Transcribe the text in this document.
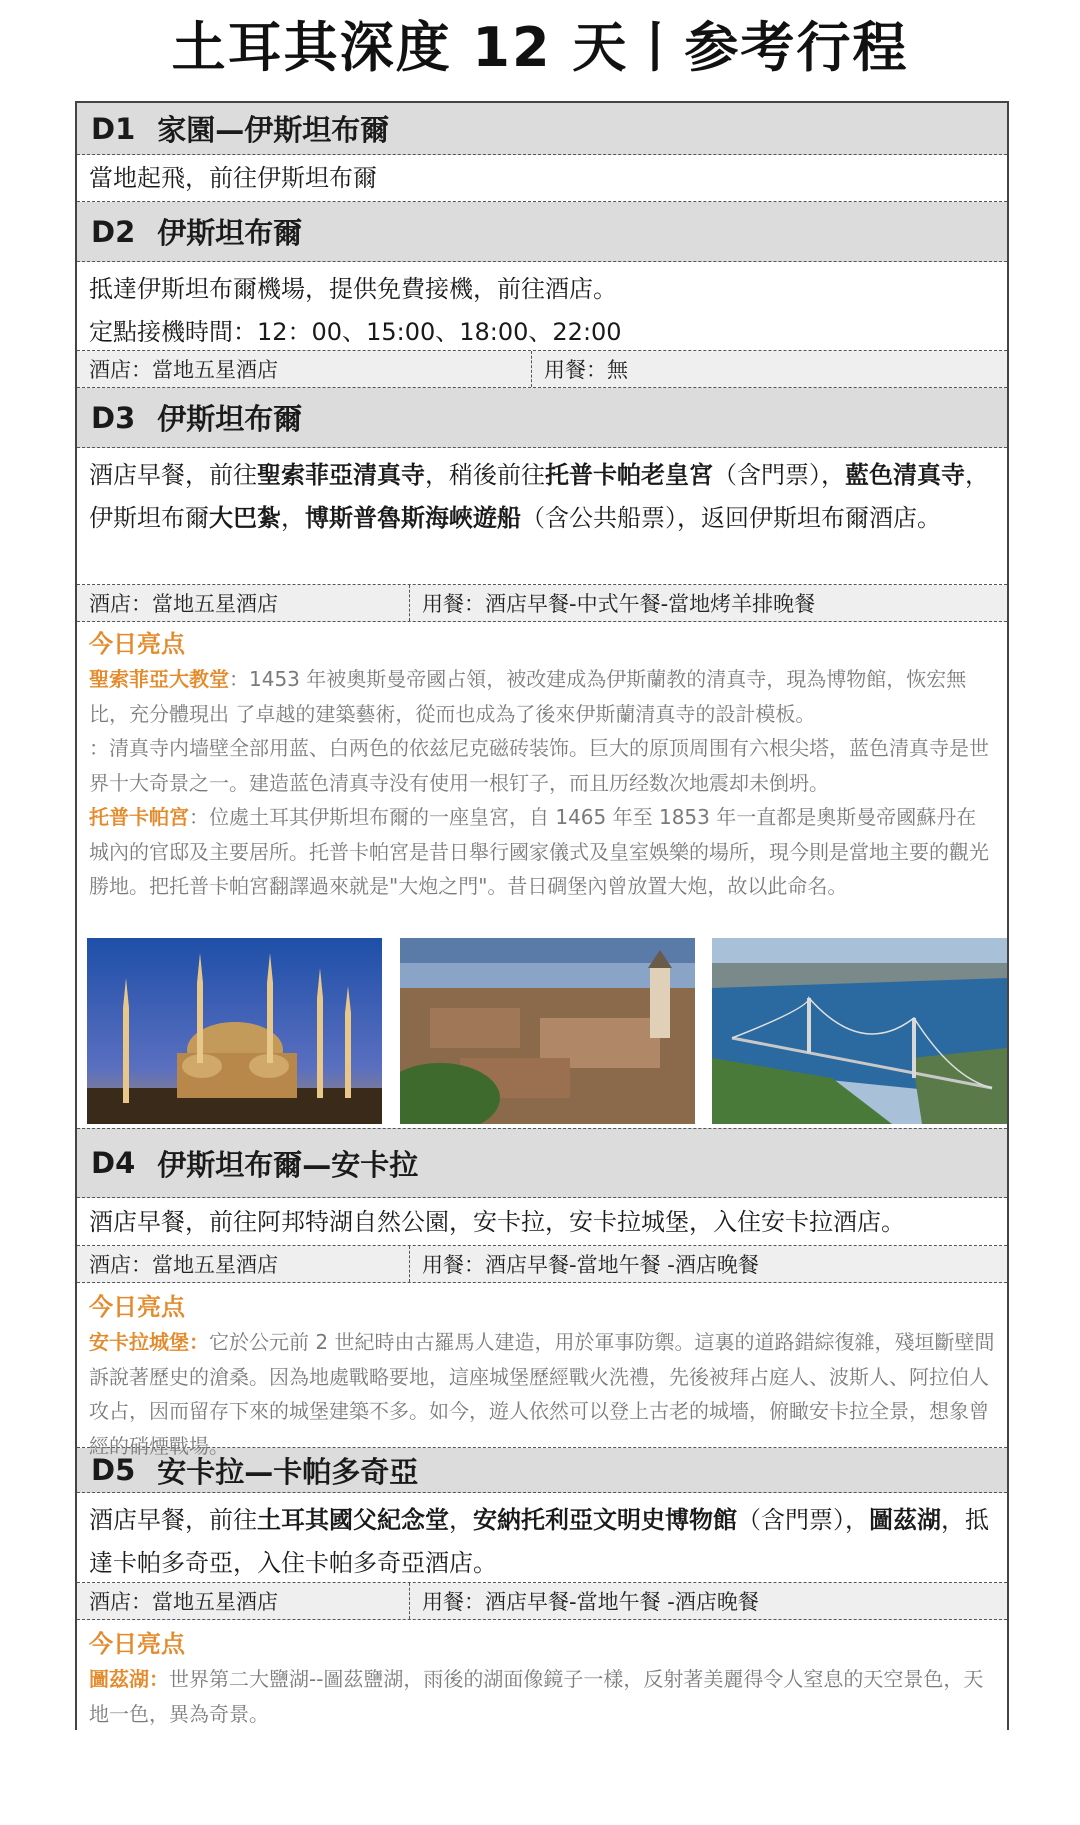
土耳其深度 12 天丨参考行程
D1 家園—伊斯坦布爾
當地起飛，前往伊斯坦布爾
D2 伊斯坦布爾
抵達伊斯坦布爾機場，提供免費接機，前往酒店。
定點接機時間：12：00、15:00、18:00、22:00
酒店：當地五星酒店	用餐：無
D3 伊斯坦布爾
酒店早餐，前往聖索菲亞清真寺，稍後前往托普卡帕老皇宮（含門票），藍色清真寺，伊斯坦布爾大巴紮，博斯普魯斯海峽遊船（含公共船票），返回伊斯坦布爾酒店。
酒店：當地五星酒店	用餐：酒店早餐-中式午餐-當地烤羊排晚餐
今日亮点
聖索菲亞大教堂：1453 年被奧斯曼帝國占領，被改建成為伊斯蘭教的清真寺，現為博物館，恢宏無比，充分體現出 了卓越的建築藝術，從而也成為了後來伊斯蘭清真寺的設計模板。
：清真寺内墙壁全部用蓝、白两色的依兹尼克磁砖装饰。巨大的原顶周围有六根尖塔，蓝色清真寺是世界十大奇景之一。建造蓝色清真寺没有使用一根钉子，而且历经数次地震却未倒坍。
托普卡帕宮：位處土耳其伊斯坦布爾的一座皇宮，自 1465 年至 1853 年一直都是奧斯曼帝國蘇丹在城內的官邸及主要居所。托普卡帕宮是昔日舉行國家儀式及皇室娛樂的場所，現今則是當地主要的觀光勝地。把托普卡帕宮翻譯過來就是"大炮之門"。昔日碉堡內曾放置大炮，故以此命名。
D4 伊斯坦布爾—安卡拉
酒店早餐，前往阿邦特湖自然公園，安卡拉，安卡拉城堡，入住安卡拉酒店。
酒店：當地五星酒店	用餐：酒店早餐-當地午餐 -酒店晚餐
今日亮点
安卡拉城堡：它於公元前 2 世紀時由古羅馬人建造，用於軍事防禦。這裏的道路錯綜復雜，殘垣斷壁間訴說著歷史的滄桑。因為地處戰略要地，這座城堡歷經戰火洗禮，先後被拜占庭人、波斯人、阿拉伯人攻占，因而留存下來的城堡建築不多。如今，遊人依然可以登上古老的城墻，俯瞰安卡拉全景，想象曾經的硝煙戰場。
D5 安卡拉—卡帕多奇亞
酒店早餐，前往土耳其國父紀念堂，安納托利亞文明史博物館（含門票），圖茲湖，抵達卡帕多奇亞，入住卡帕多奇亞酒店。
酒店：當地五星酒店	用餐：酒店早餐-當地午餐 -酒店晚餐
今日亮点
圖茲湖：世界第二大鹽湖--圖茲鹽湖，雨後的湖面像鏡子一樣，反射著美麗得令人窒息的天空景色，天地一色，異為奇景。
